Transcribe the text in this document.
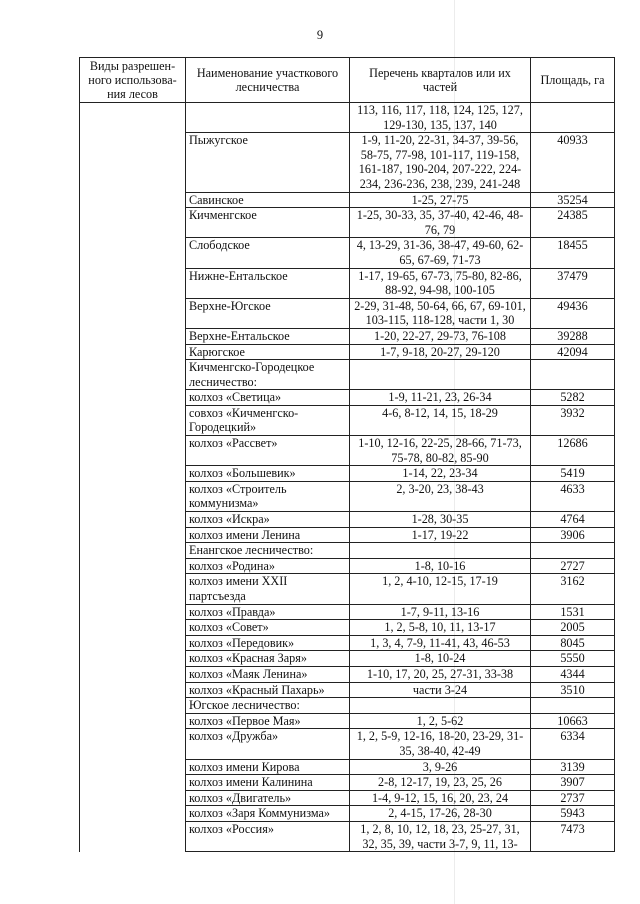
9
Виды разрешен-ного использова-ния лесов	Наименование участкового лесничества	Перечень кварталов или их частей	Площадь, га
		113, 116, 117, 118, 124, 125, 127, 129-130, 135, 137, 140	
	Пыжугское	1-9, 11-20, 22-31, 34-37, 39-56, 58-75, 77-98, 101-117, 119-158, 161-187, 190-204, 207-222, 224-234, 236-236, 238, 239, 241-248	40933
	Савинское	1-25, 27-75	35254
	Кичменгское	1-25, 30-33, 35, 37-40, 42-46, 48-76, 79	24385
	Слободское	4, 13-29, 31-36, 38-47, 49-60, 62-65, 67-69, 71-73	18455
	Нижне-Ентальское	1-17, 19-65, 67-73, 75-80, 82-86, 88-92, 94-98, 100-105	37479
	Верхне-Югское	2-29, 31-48, 50-64, 66, 67, 69-101, 103-115, 118-128, части 1, 30	49436
	Верхне-Ентальское	1-20, 22-27, 29-73, 76-108	39288
	Карюгское	1-7, 9-18, 20-27, 29-120	42094
	Кичменгско-Городецкое лесничество:		
	колхоз «Светица»	1-9, 11-21, 23, 26-34	5282
	совхоз «Кичменгско-Городецкий»	4-6, 8-12, 14, 15, 18-29	3932
	колхоз «Рассвет»	1-10, 12-16, 22-25, 28-66, 71-73, 75-78, 80-82, 85-90	12686
	колхоз «Большевик»	1-14, 22, 23-34	5419
	колхоз «Строитель коммунизма»	2, 3-20, 23, 38-43	4633
	колхоз «Искра»	1-28, 30-35	4764
	колхоз имени Ленина	1-17, 19-22	3906
	Енангское лесничество:		
	колхоз «Родина»	1-8, 10-16	2727
	колхоз имени XXII партсъезда	1, 2, 4-10, 12-15, 17-19	3162
	колхоз «Правда»	1-7, 9-11, 13-16	1531
	колхоз «Совет»	1, 2, 5-8, 10, 11, 13-17	2005
	колхоз «Передовик»	1, 3, 4, 7-9, 11-41, 43, 46-53	8045
	колхоз «Красная Заря»	1-8, 10-24	5550
	колхоз «Маяк Ленина»	1-10, 17, 20, 25, 27-31, 33-38	4344
	колхоз «Красный Пахарь»	части 3-24	3510
	Югское лесничество:		
	колхоз «Первое Мая»	1, 2, 5-62	10663
	колхоз «Дружба»	1, 2, 5-9, 12-16, 18-20, 23-29, 31-35, 38-40, 42-49	6334
	колхоз имени Кирова	3, 9-26	3139
	колхоз имени Калинина	2-8, 12-17, 19, 23, 25, 26	3907
	колхоз «Двигатель»	1-4, 9-12, 15, 16, 20, 23, 24	2737
	колхоз «Заря Коммунизма»	2, 4-15, 17-26, 28-30	5943
	колхоз «Россия»	1, 2, 8, 10, 12, 18, 23, 25-27, 31, 32, 35, 39, части 3-7, 9, 11, 13-	7473
